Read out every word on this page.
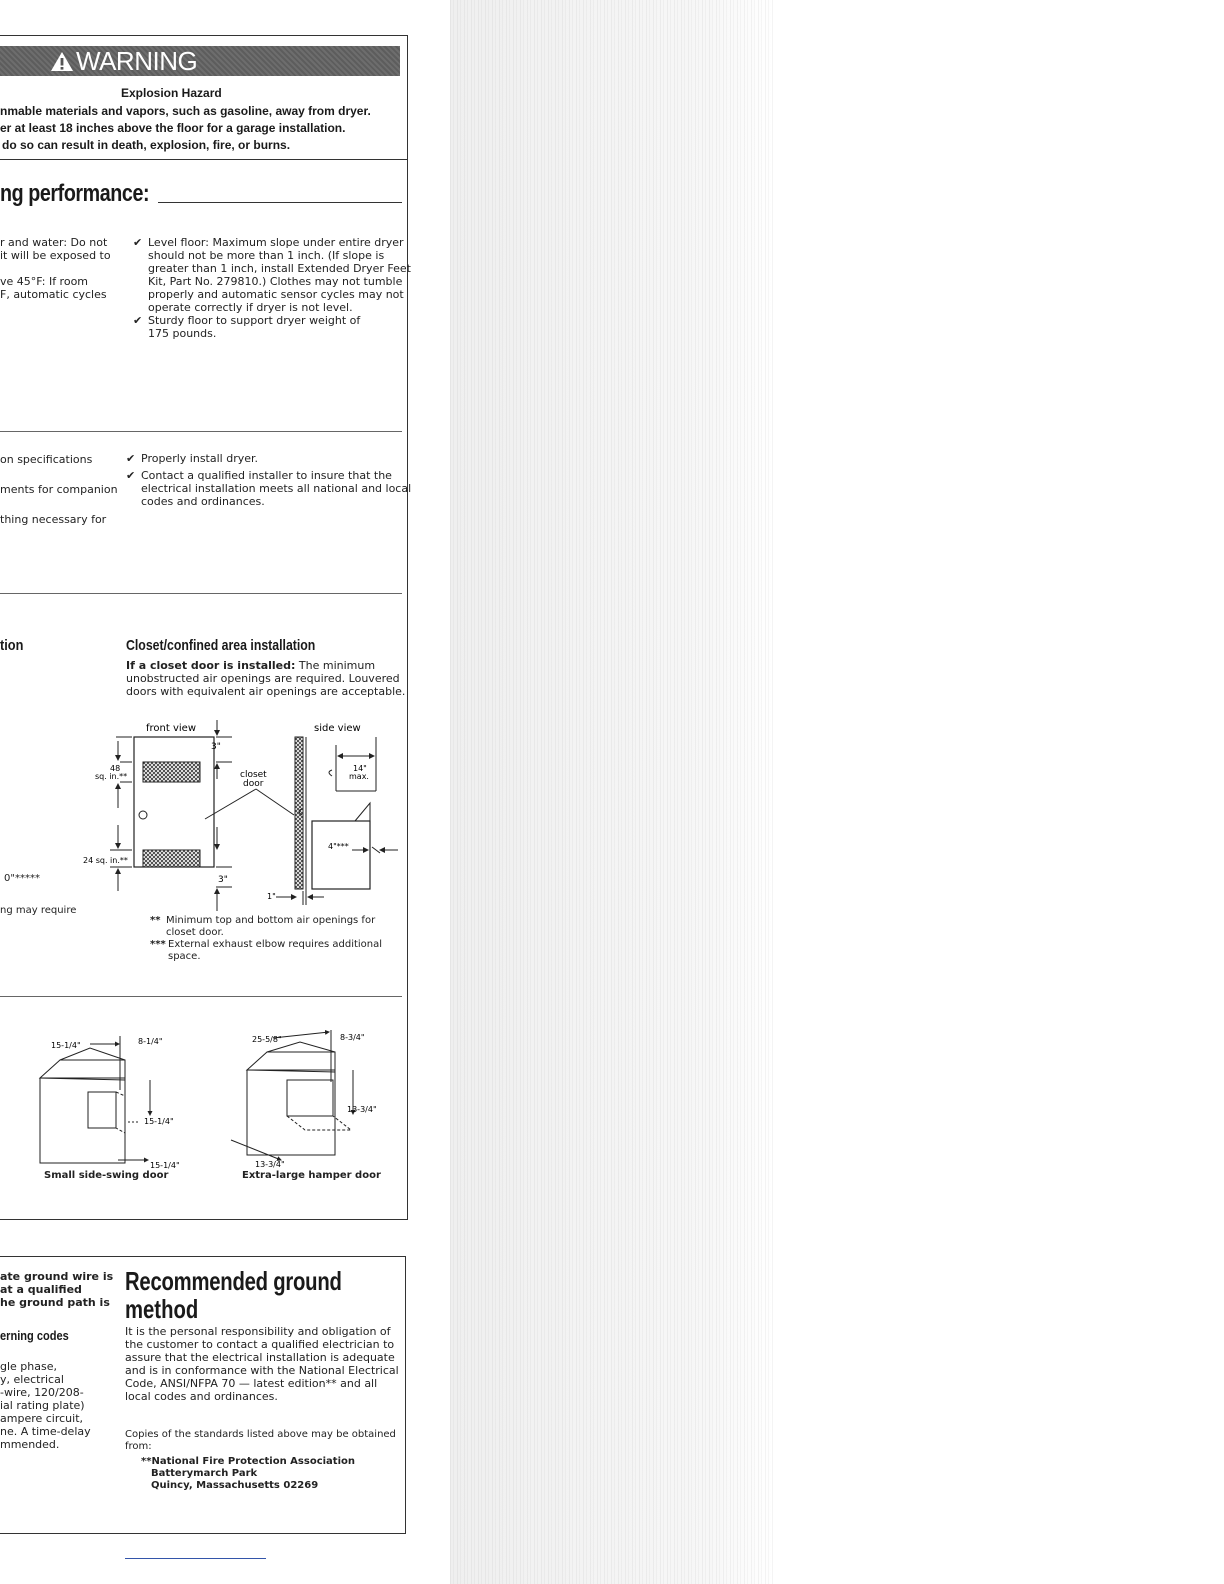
WARNING
Explosion Hazard
nmable materials and vapors, such as gasoline, away from dryer.
er at least 18 inches above the floor for a garage installation.
do so can result in death, explosion, fire, or burns.
ng performance:
r and water: Do not
it will be exposed to
ve 45°F: If room
F, automatic cycles
✔ Level floor: Maximum slope under entire dryer
should not be more than 1 inch. (If slope is
greater than 1 inch, install Extended Dryer Feet
Kit, Part No. 279810.) Clothes may not tumble
properly and automatic sensor cycles may not
operate correctly if dryer is not level.
✔ Sturdy floor to support dryer weight of
175 pounds.
on specifications
ments for companion
thing necessary for
✔ Properly install dryer.
✔ Contact a qualified installer to insure that the
electrical installation meets all national and local
codes and ordinances.
tion	Closet/confined area installation
If a closet door is installed: The minimum
unobstructed air openings are required. Louvered
doors with equivalent air openings are acceptable.
0"*****
ng may require
front view	side view
3"
48
sq. in.**
24 sq. in.**
3"
closet
door
14"
max.
4"***
1"
** Minimum top and bottom air openings for
closet door.
*** External exhaust elbow requires additional
space.
15-1/4"	8-1/4"
15-1/4"
15-1/4"
Small side-swing door
25-5/8"	8-3/4"
13-3/4"
13-3/4"
Extra-large hamper door
ate ground wire is
at a qualified
he ground path is
erning codes
gle phase,
y, electrical
-wire, 120/208-
ial rating plate)
ampere circuit,
ne. A time-delay
mmended.
Recommended ground
method
It is the personal responsibility and obligation of
the customer to contact a qualified electrician to
assure that the electrical installation is adequate
and is in conformance with the National Electrical
Code, ANSI/NFPA 70 — latest edition** and all
local codes and ordinances.
Copies of the standards listed above may be obtained
from:
**National Fire Protection Association
Batterymarch Park
Quincy, Massachusetts 02269
